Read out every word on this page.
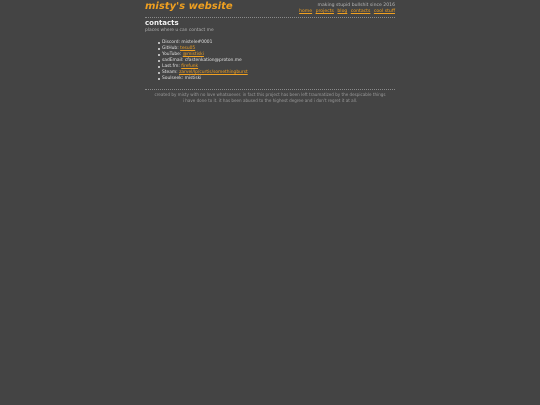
misty's website	making stupid bullshit since 2016
home projects blog contacts cool stuff
contacts

places where u can contact me

Discord: mistele#0001
GitHub: tesu05
YouTube: @mistiski
sadEmail: cfastenkation@proton.me
Last.fm: firefunk
Steam: zarvel/lp/curtis/somethingburst
Soulseek: mistiski
created by misty with no love whatsoever. in fact this project has been left traumatized by the despicable things
i have done to it. it has been abused to the highest degree and i don't regret it at all.
